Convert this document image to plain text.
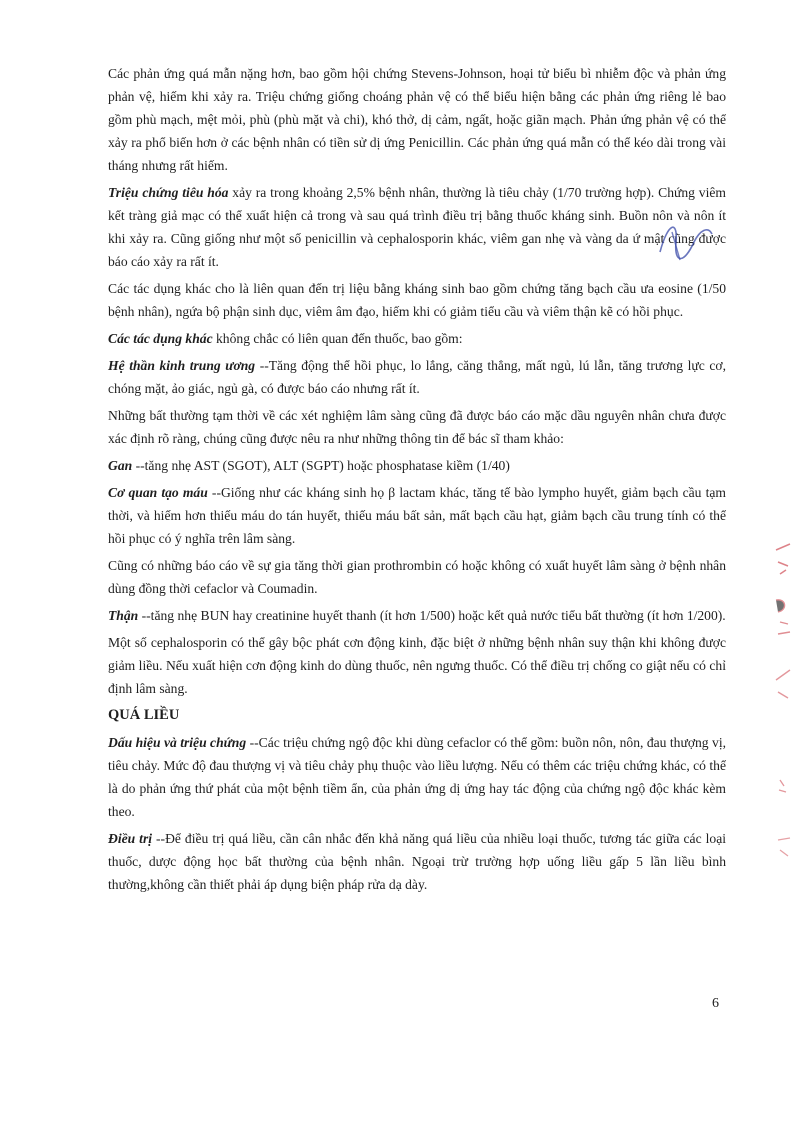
Các phản ứng quá mẫn nặng hơn, bao gồm hội chứng Stevens-Johnson, hoại tử biểu bì nhiễm độc và phản ứng phản vệ, hiếm khi xảy ra. Triệu chứng giống choáng phản vệ có thể biểu hiện bằng các phản ứng riêng lẻ bao gồm phù mạch, mệt mỏi, phù (phù mặt và chi), khó thở, dị cảm, ngất, hoặc giãn mạch. Phản ứng phản vệ có thể xảy ra phổ biến hơn ở các bệnh nhân có tiền sử dị ứng Penicillin. Các phản ứng quá mẫn có thể kéo dài trong vài tháng nhưng rất hiếm.

Triệu chứng tiêu hóa xảy ra trong khoảng 2,5% bệnh nhân, thường là tiêu chảy (1/70 trường hợp). Chứng viêm kết tràng giả mạc có thể xuất hiện cả trong và sau quá trình điều trị bằng thuốc kháng sinh. Buồn nôn và nôn ít khi xảy ra. Cũng giống như một số penicillin và cephalosporin khác, viêm gan nhẹ và vàng da ứ mật cũng được báo cáo xảy ra rất ít.

Các tác dụng khác cho là liên quan đến trị liệu bằng kháng sinh bao gồm chứng tăng bạch cầu ưa eosine (1/50 bệnh nhân), ngứa bộ phận sinh dục, viêm âm đạo, hiếm khi có giảm tiểu cầu và viêm thận kẽ có hồi phục.

Các tác dụng khác không chắc có liên quan đến thuốc, bao gồm:

Hệ thần kinh trung ương --Tăng động thể hồi phục, lo lắng, căng thẳng, mất ngủ, lú lẫn, tăng trương lực cơ, chóng mặt, ảo giác, ngủ gà, có được báo cáo nhưng rất ít.

Những bất thường tạm thời về các xét nghiệm lâm sàng cũng đã được báo cáo mặc dầu nguyên nhân chưa được xác định rõ ràng, chúng cũng được nêu ra như những thông tin để bác sĩ tham khảo:

Gan --tăng nhẹ AST (SGOT), ALT (SGPT) hoặc phosphatase kiềm (1/40)

Cơ quan tạo máu --Giống như các kháng sinh họ β lactam khác, tăng tế bào lympho huyết, giảm bạch cầu tạm thời, và hiếm hơn thiếu máu do tán huyết, thiếu máu bất sản, mất bạch cầu hạt, giảm bạch cầu trung tính có thể hồi phục có ý nghĩa trên lâm sàng.

Cũng có những báo cáo về sự gia tăng thời gian prothrombin có hoặc không có xuất huyết lâm sàng ở bệnh nhân dùng đồng thời cefaclor và Coumadin.

Thận --tăng nhẹ BUN hay creatinine huyết thanh (ít hơn 1/500) hoặc kết quả nước tiểu bất thường (ít hơn 1/200).

Một số cephalosporin có thể gây bộc phát cơn động kinh, đặc biệt ở những bệnh nhân suy thận khi không được giảm liều. Nếu xuất hiện cơn động kinh do dùng thuốc, nên ngưng thuốc. Có thể điều trị chống co giật nếu có chỉ định lâm sàng.

QUÁ LIỀU

Dấu hiệu và triệu chứng --Các triệu chứng ngộ độc khi dùng cefaclor có thể gồm: buồn nôn, nôn, đau thượng vị, tiêu chảy. Mức độ đau thượng vị và tiêu chảy phụ thuộc vào liều lượng. Nếu có thêm các triệu chứng khác, có thể là do phản ứng thứ phát của một bệnh tiềm ẩn, của phản ứng dị ứng hay tác động của chứng ngộ độc khác kèm theo.

Điều trị --Để điều trị quá liều, cần cân nhắc đến khả năng quá liều của nhiều loại thuốc, tương tác giữa các loại thuốc, dược động học bất thường của bệnh nhân. Ngoại trừ trường hợp uống liều gấp 5 lần liều bình thường,không cần thiết phải áp dụng biện pháp rửa dạ dày.

6
